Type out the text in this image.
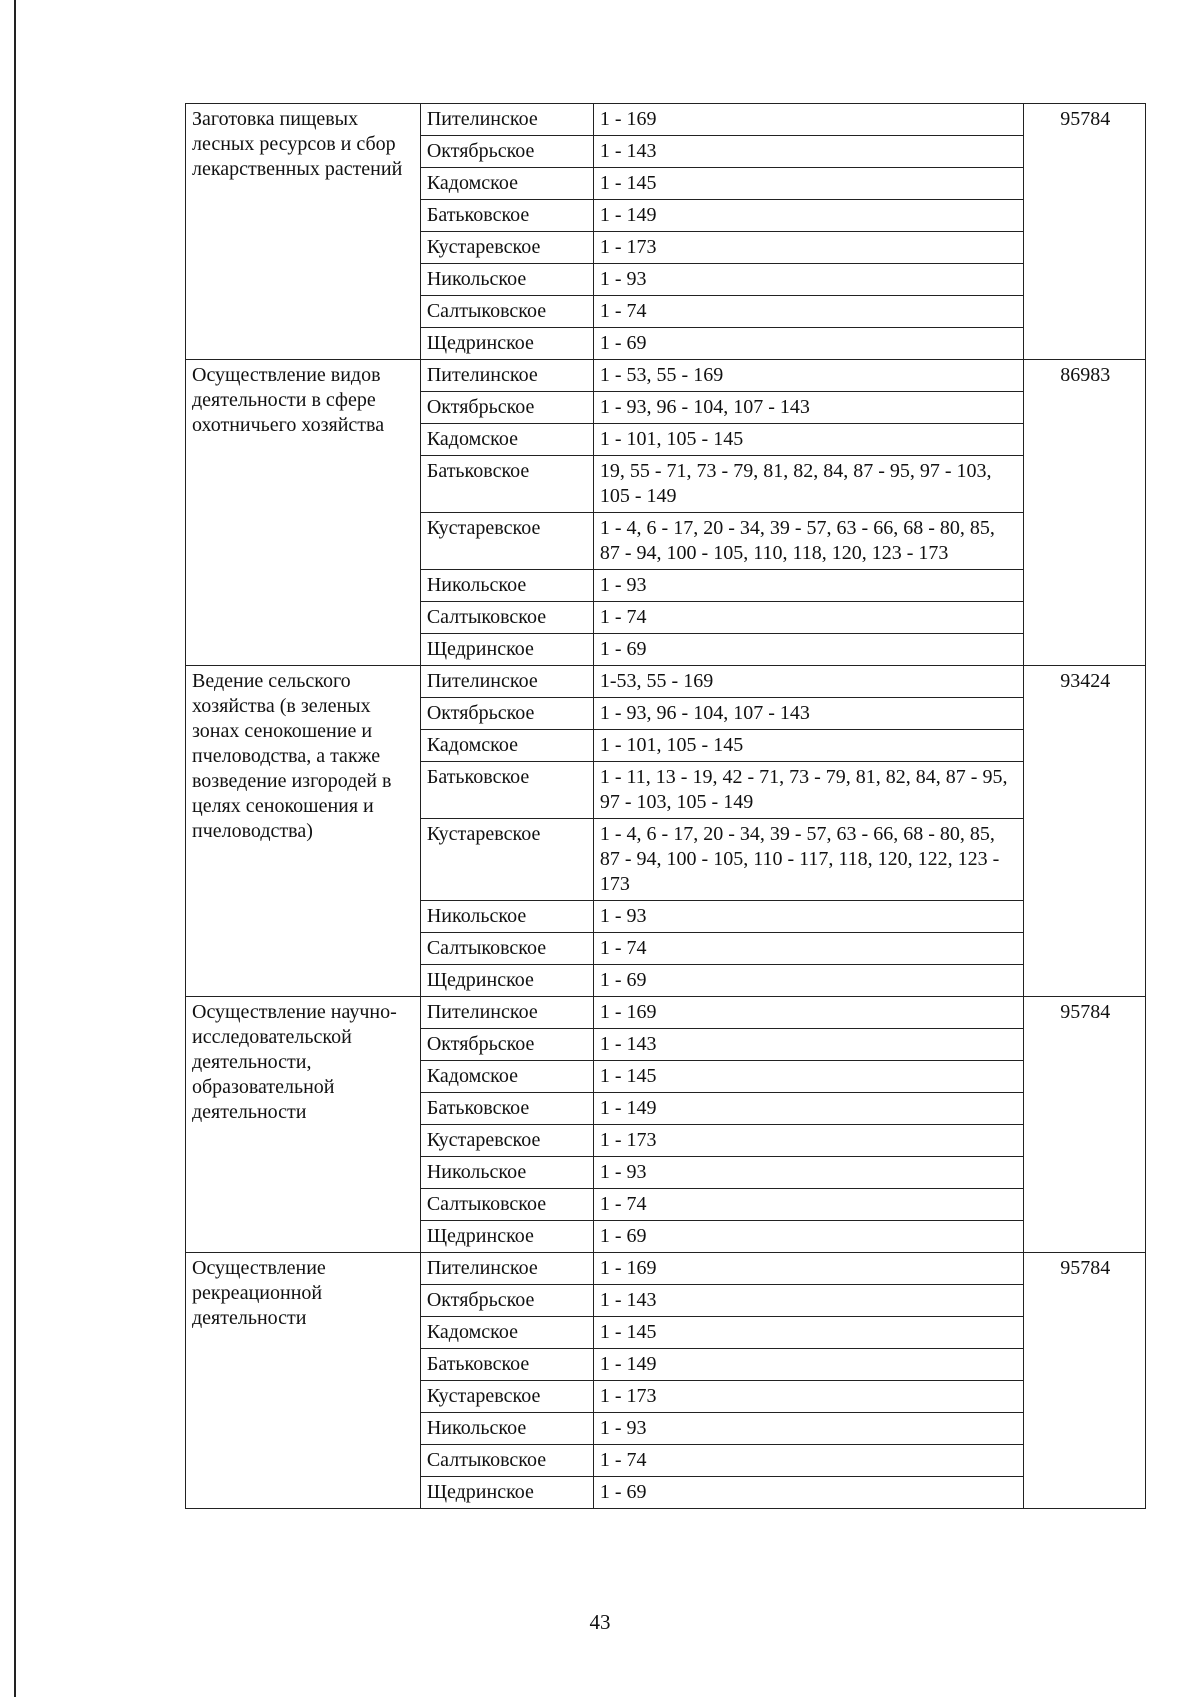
Заготовка пищевых лесных ресурсов и сбор лекарственных растений	Пителинское	1 - 169	95784
	Октябрьское	1 - 143	
	Кадомское	1 - 145	
	Батьковское	1 - 149	
	Кустаревское	1 - 173	
	Никольское	1 - 93	
	Салтыковское	1 - 74	
	Щедринское	1 - 69	
Осуществление видов деятельности в сфере охотничьего хозяйства	Пителинское	1 - 53, 55 - 169	86983
	Октябрьское	1 - 93, 96 - 104, 107 - 143	
	Кадомское	1 - 101, 105 - 145	
	Батьковское	19, 55 - 71, 73 - 79, 81, 82, 84, 87 - 95, 97 - 103, 105 - 149	
	Кустаревское	1 - 4, 6 - 17, 20 - 34, 39 - 57, 63 - 66, 68 - 80, 85, 87 - 94, 100 - 105, 110, 118, 120, 123 - 173	
	Никольское	1 - 93	
	Салтыковское	1 - 74	
	Щедринское	1 - 69	
Ведение сельского хозяйства (в зеленых зонах сенокошение и пчеловодства, а также возведение изгородей в целях сенокошения и пчеловодства)	Пителинское	1-53, 55 - 169	93424
	Октябрьское	1 - 93, 96 - 104, 107 - 143	
	Кадомское	1 - 101, 105 - 145	
	Батьковское	1 - 11, 13 - 19, 42 - 71, 73 - 79, 81, 82, 84, 87 - 95, 97 - 103, 105 - 149	
	Кустаревское	1 - 4, 6 - 17, 20 - 34, 39 - 57, 63 - 66, 68 - 80, 85, 87 - 94, 100 - 105, 110 - 117, 118, 120, 122, 123 - 173	
	Никольское	1 - 93	
	Салтыковское	1 - 74	
	Щедринское	1 - 69	
Осуществление научно-исследовательской деятельности, образовательной деятельности	Пителинское	1 - 169	95784
	Октябрьское	1 - 143	
	Кадомское	1 - 145	
	Батьковское	1 - 149	
	Кустаревское	1 - 173	
	Никольское	1 - 93	
	Салтыковское	1 - 74	
	Щедринское	1 - 69	
Осуществление рекреационной деятельности	Пителинское	1 - 169	95784
	Октябрьское	1 - 143	
	Кадомское	1 - 145	
	Батьковское	1 - 149	
	Кустаревское	1 - 173	
	Никольское	1 - 93	
	Салтыковское	1 - 74	
	Щедринское	1 - 69	
43
